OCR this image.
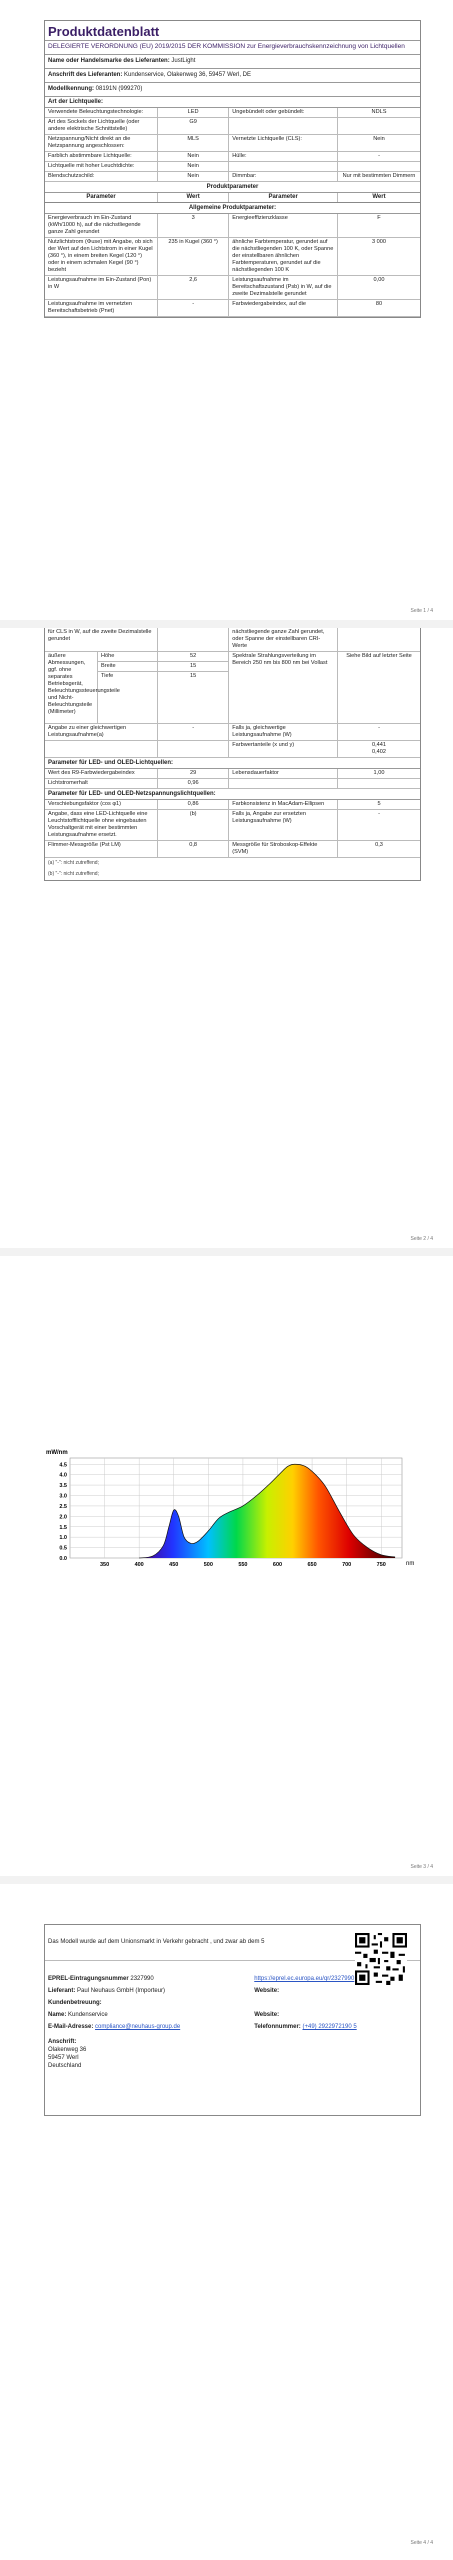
Produktdatenblatt
DELEGIERTE VERORDNUNG (EU) 2019/2015 DER KOMMISSION zur Energieverbrauchskennzeichnung von Lichtquellen
Name oder Handelsmarke des Lieferanten: JustLight
Anschrift des Lieferanten: Kundenservice, Olakenweg 36, 59457 Werl, DE
Modellkennung: 08191N (999270)
Art der Lichtquelle:
Verwendete Beleuchtungstechnologie:	LED	Ungebündelt oder gebündelt:	NDLS
Art des Sockels der Lichtquelle (oder andere elektrische Schnittstelle)	G9		
Netzspannung/Nicht direkt an die Netzspannung angeschlossen:	MLS	Vernetzte Lichtquelle (CLS):	Nein
Farblich abstimmbare Lichtquelle:	Nein	Hülle:	-
Lichtquelle mit hoher Leuchtdichte:	Nein		
Blendschutzschild:	Nein	Dimmbar:	Nur mit bestimmten Dimmern
Produktparameter
Parameter	Wert	Parameter	Wert
Allgemeine Produktparameter:
Energieverbrauch im Ein-Zustand (kWh/1000 h), auf die nächstliegende ganze Zahl gerundet	3	Energieeffizienzklasse	F
Nutzlichtstrom (Φuse) mit Angabe, ob sich der Wert auf den Lichtstrom in einer Kugel (360 °), in einem breiten Kegel (120 °) oder in einem schmalen Kegel (90 °) bezieht	235 in Kugel (360 °)	ähnliche Farbtemperatur, gerundet auf die nächstliegenden 100 K, oder Spanne der einstellbaren ähnlichen Farbtemperaturen, gerundet auf die nächstliegenden 100 K	3 000
Leistungsaufnahme im Ein-Zustand (Pon) in W	2,6	Leistungsaufnahme im Bereitschaftszustand (Psb) in W, auf die zweite Dezimalstelle gerundet	0,00
Leistungsaufnahme im vernetzten Bereitschaftsbetrieb (Pnet)	-	Farbwiedergabeindex, auf die	80
Seite 1 / 4
für CLS in W, auf die zweite Dezimalstelle gerundet		nächstliegende ganze Zahl gerundet, oder Spanne der einstellbaren CRI-Werte	
äußere Abmessungen, ggf. ohne separates Betriebsgerät, Beleuchtungssteuerungsteile und Nicht-Beleuchtungsteile (Millimeter)	Höhe	52	Spektrale Strahlungsverteilung im Bereich 250 nm bis 800 nm bei Vollast	Siehe Bild auf letzter Seite
	Breite	15		
	Tiefe	15		
Angabe zu einer gleichwertigen Leistungsaufnahme(a)	-	Falls ja, gleichwertige Leistungsaufnahme (W)	-
		Farbwertanteile (x und y)	0,441
0,402
Parameter für LED- und OLED-Lichtquellen:
Wert des R9-Farbwiedergabeindex	29	Lebensdauerfaktor	1,00
Lichtstromerhalt	0,96		
Parameter für LED- und OLED-Netzspannungslichtquellen:
Verschiebungsfaktor (cos φ1)	0,86	Farbkonsistenz in MacAdam-Ellipsen	5
Angabe, dass eine LED-Lichtquelle eine Leuchtstofflichtquelle ohne eingebauten Vorschaltgerät mit einer bestimmten Leistungsaufnahme ersetzt.	(b)	Falls ja, Angabe zur ersetzten Leistungsaufnahme (W)	-
Flimmer-Messgröße (Pst LM)	0,8	Messgröße für Stroboskop-Effekte (SVM)	0,3
(a) "-": nicht zutreffend;
(b) "-": nicht zutreffend;
Seite 2 / 4
0.0
0.5
1.0
1.5
2.0
2.5
3.0
3.5
4.0
4.5
350	400	450	500	550	600	650	700	750
mW/nm
nm
Seite 3 / 4
Das Modell wurde auf dem Unionsmarkt in Verkehr gebracht , und zwar ab dem 5
EPREL-Eintragungsnummer 2327990	https://eprel.ec.europa.eu/qr/2327990
Lieferant: Paul Neuhaus GmbH (Importeur)	Website:
Kundenbetreuung:	
Name: Kundenservice	Website:
E-Mail-Adresse: compliance@neuhaus-group.de	Telefonnummer: (+49) 2922972190 5

Anschrift:
Olakenweg 36
59457 Werl
Deutschland	
Seite 4 / 4
